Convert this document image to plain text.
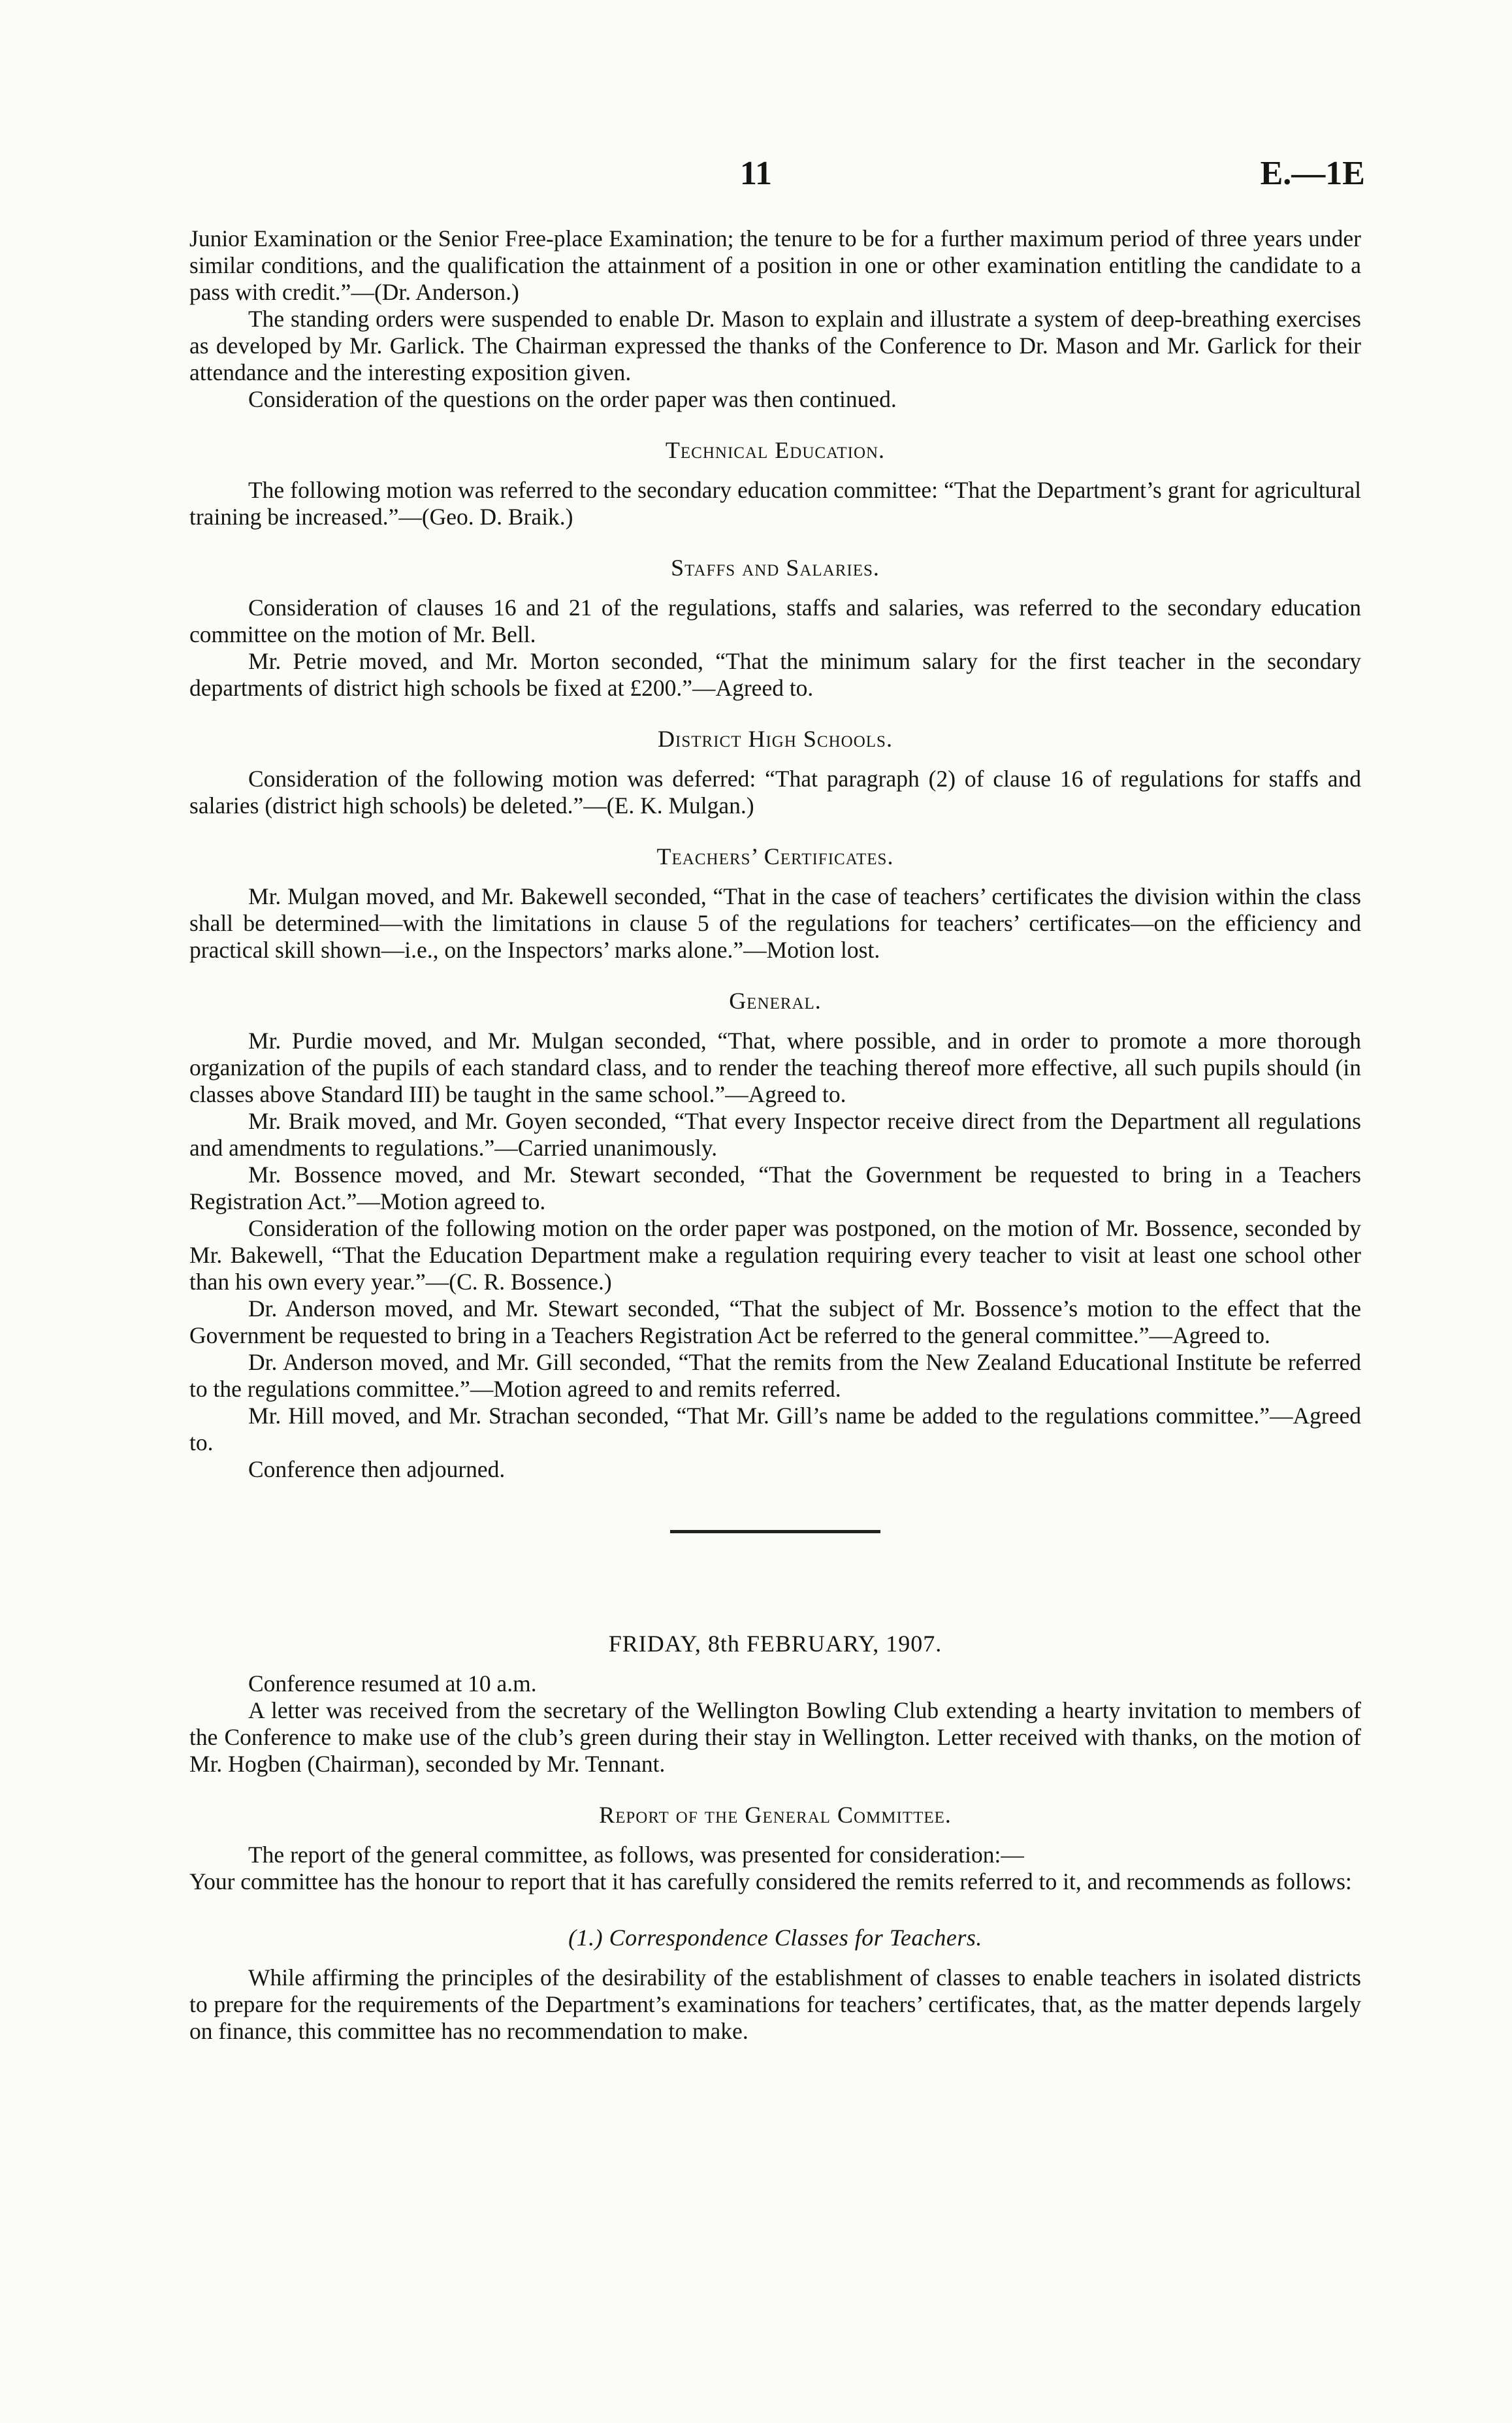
11	E.—1E

Junior Examination or the Senior Free-place Examination; the tenure to be for a further maximum period of three years under similar conditions, and the qualification the attainment of a position in one or other examination entitling the candidate to a pass with credit.”—(Dr. Anderson.)

The standing orders were suspended to enable Dr. Mason to explain and illustrate a system of deep-breathing exercises as developed by Mr. Garlick. The Chairman expressed the thanks of the Conference to Dr. Mason and Mr. Garlick for their attendance and the interesting exposition given.

Consideration of the questions on the order paper was then continued.

Technical Education.

The following motion was referred to the secondary education committee: “That the Department’s grant for agricultural training be increased.”—(Geo. D. Braik.)

Staffs and Salaries.

Consideration of clauses 16 and 21 of the regulations, staffs and salaries, was referred to the secondary education committee on the motion of Mr. Bell.

Mr. Petrie moved, and Mr. Morton seconded, “That the minimum salary for the first teacher in the secondary departments of district high schools be fixed at £200.”—Agreed to.

District High Schools.

Consideration of the following motion was deferred: “That paragraph (2) of clause 16 of regulations for staffs and salaries (district high schools) be deleted.”—(E. K. Mulgan.)

Teachers’ Certificates.

Mr. Mulgan moved, and Mr. Bakewell seconded, “That in the case of teachers’ certificates the division within the class shall be determined—with the limitations in clause 5 of the regulations for teachers’ certificates—on the efficiency and practical skill shown—i.e., on the Inspectors’ marks alone.”—Motion lost.

General.

Mr. Purdie moved, and Mr. Mulgan seconded, “That, where possible, and in order to promote a more thorough organization of the pupils of each standard class, and to render the teaching thereof more effective, all such pupils should (in classes above Standard III) be taught in the same school.”—Agreed to.

Mr. Braik moved, and Mr. Goyen seconded, “That every Inspector receive direct from the Department all regulations and amendments to regulations.”—Carried unanimously.

Mr. Bossence moved, and Mr. Stewart seconded, “That the Government be requested to bring in a Teachers Registration Act.”—Motion agreed to.

Consideration of the following motion on the order paper was postponed, on the motion of Mr. Bossence, seconded by Mr. Bakewell, “That the Education Department make a regulation requiring every teacher to visit at least one school other than his own every year.”—(C. R. Bossence.)

Dr. Anderson moved, and Mr. Stewart seconded, “That the subject of Mr. Bossence’s motion to the effect that the Government be requested to bring in a Teachers Registration Act be referred to the general committee.”—Agreed to.

Dr. Anderson moved, and Mr. Gill seconded, “That the remits from the New Zealand Educational Institute be referred to the regulations committee.”—Motion agreed to and remits referred.

Mr. Hill moved, and Mr. Strachan seconded, “That Mr. Gill’s name be added to the regulations committee.”—Agreed to.

Conference then adjourned.

FRIDAY, 8th FEBRUARY, 1907.

Conference resumed at 10 a.m.

A letter was received from the secretary of the Wellington Bowling Club extending a hearty invitation to members of the Conference to make use of the club’s green during their stay in Wellington. Letter received with thanks, on the motion of Mr. Hogben (Chairman), seconded by Mr. Tennant.

Report of the General Committee.

The report of the general committee, as follows, was presented for consideration:—

Your committee has the honour to report that it has carefully considered the remits referred to it, and recommends as follows:

(1.) Correspondence Classes for Teachers.

While affirming the principles of the desirability of the establishment of classes to enable teachers in isolated districts to prepare for the requirements of the Department’s examinations for teachers’ certificates, that, as the matter depends largely on finance, this committee has no recommendation to make.
